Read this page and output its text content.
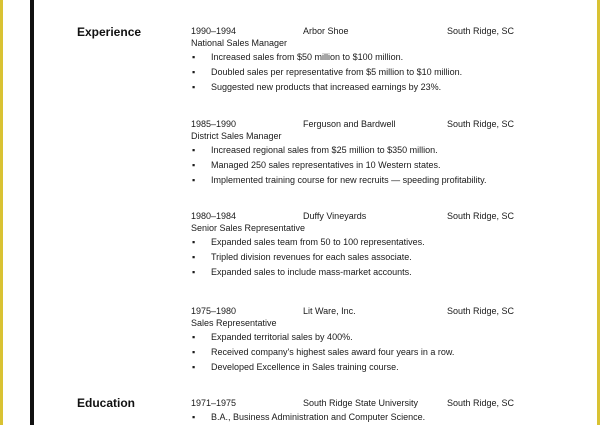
Experience	1990–1994	Arbor Shoe	South Ridge, SC
National Sales Manager
▪ Increased sales from $50 million to $100 million.
▪ Doubled sales per representative from $5 million to $10 million.
▪ Suggested new products that increased earnings by 23%.
1985–1990	Ferguson and Bardwell	South Ridge, SC
District Sales Manager
▪ Increased regional sales from $25 million to $350 million.
▪ Managed 250 sales representatives in 10 Western states.
▪ Implemented training course for new recruits — speeding profitability.
1980–1984	Duffy Vineyards	South Ridge, SC
Senior Sales Representative
▪ Expanded sales team from 50 to 100 representatives.
▪ Tripled division revenues for each sales associate.
▪ Expanded sales to include mass-market accounts.
1975–1980	Lit Ware, Inc.	South Ridge, SC
Sales Representative
▪ Expanded territorial sales by 400%.
▪ Received company's highest sales award four years in a row.
▪ Developed Excellence in Sales training course.
Education	1971–1975	South Ridge State University	South Ridge, SC
▪ B.A., Business Administration and Computer Science.
